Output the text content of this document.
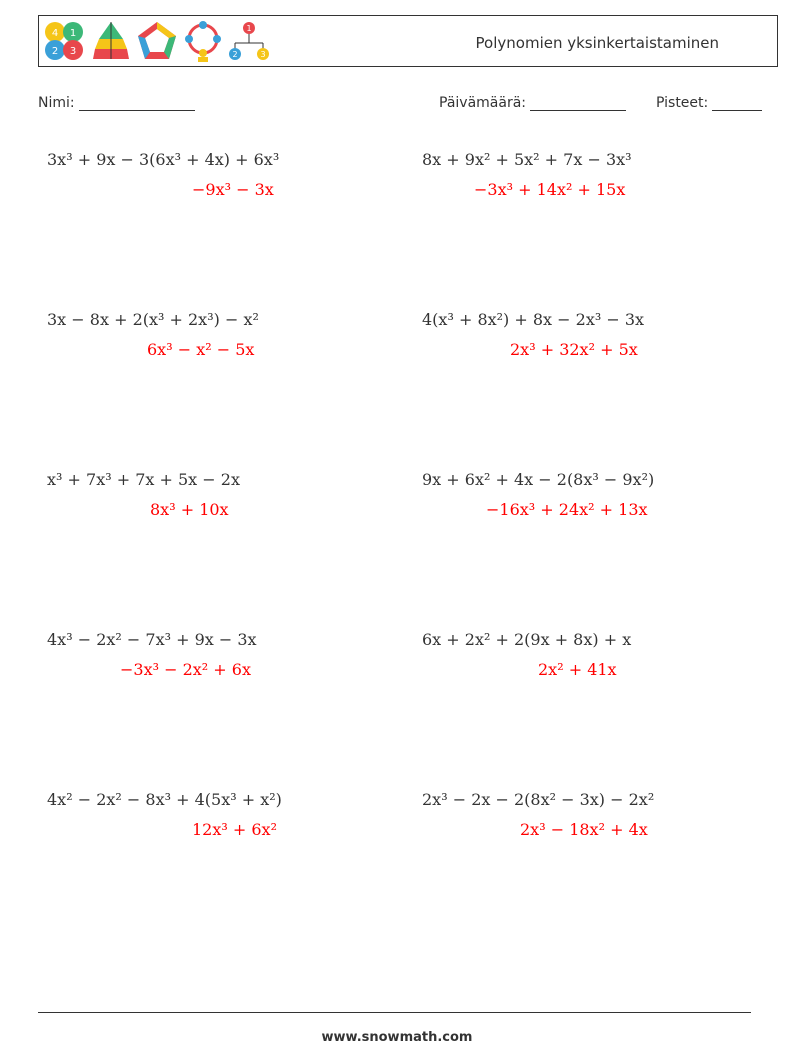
4 1
2 3
1
2	3
Polynomien yksinkertaistaminen
Nimi:	Päivämäärä:	Pisteet:
3x³ + 9x − 3(6x³ + 4x) + 6x³
−9x³ − 3x
3x − 8x + 2(x³ + 2x³) − x²
6x³ − x² − 5x
x³ + 7x³ + 7x + 5x − 2x
8x³ + 10x
4x³ − 2x² − 7x³ + 9x − 3x
−3x³ − 2x² + 6x
4x² − 2x² − 8x³ + 4(5x³ + x²)
12x³ + 6x²
8x + 9x² + 5x² + 7x − 3x³
−3x³ + 14x² + 15x
4(x³ + 8x²) + 8x − 2x³ − 3x
2x³ + 32x² + 5x
9x + 6x² + 4x − 2(8x³ − 9x²)
−16x³ + 24x² + 13x
6x + 2x² + 2(9x + 8x) + x
2x² + 41x
2x³ − 2x − 2(8x² − 3x) − 2x²
2x³ − 18x² + 4x
www.snowmath.com
